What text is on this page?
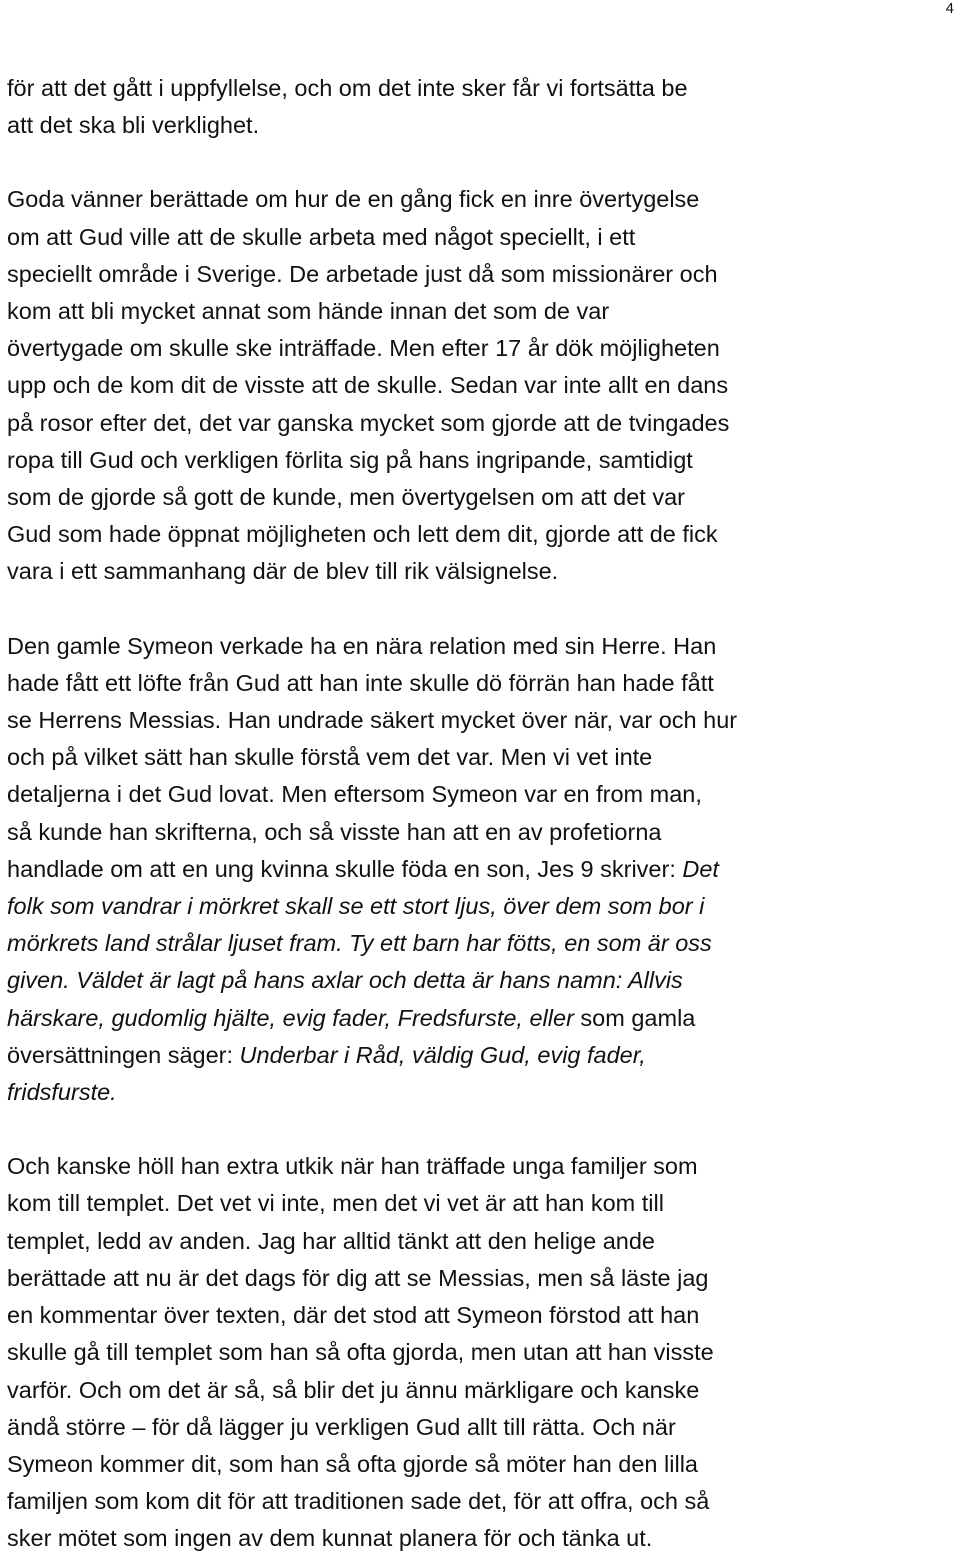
4

för att det gått i uppfyllelse, och om det inte sker får vi fortsätta be
att det ska bli verklighet.

Goda vänner berättade om hur de en gång fick en inre övertygelse
om att Gud ville att de skulle arbeta med något speciellt, i ett
speciellt område i Sverige. De arbetade just då som missionärer och
kom att bli mycket annat som hände innan det som de var
övertygade om skulle ske inträffade. Men efter 17 år dök möjligheten
upp och de kom dit de visste att de skulle. Sedan var inte allt en dans
på rosor efter det, det var ganska mycket som gjorde att de tvingades
ropa till Gud och verkligen förlita sig på hans ingripande, samtidigt
som de gjorde så gott de kunde, men övertygelsen om att det var
Gud som hade öppnat möjligheten och lett dem dit, gjorde att de fick
vara i ett sammanhang där de blev till rik välsignelse.

Den gamle Symeon verkade ha en nära relation med sin Herre. Han
hade fått ett löfte från Gud att han inte skulle dö förrän han hade fått
se Herrens Messias. Han undrade säkert mycket över när, var och hur
och på vilket sätt han skulle förstå vem det var. Men vi vet inte
detaljerna i det Gud lovat. Men eftersom Symeon var en from man,
så kunde han skrifterna, och så visste han att en av profetiorna
handlade om att en ung kvinna skulle föda en son, Jes 9 skriver: Det
folk som vandrar i mörkret skall se ett stort ljus, över dem som bor i
mörkrets land strålar ljuset fram. Ty ett barn har fötts, en som är oss
given. Väldet är lagt på hans axlar och detta är hans namn: Allvis
härskare, gudomlig hjälte, evig fader, Fredsfurste, eller som gamla
översättningen säger: Underbar i Råd, väldig Gud, evig fader,
fridsfurste.

Och kanske höll han extra utkik när han träffade unga familjer som
kom till templet. Det vet vi inte, men det vi vet är att han kom till
templet, ledd av anden. Jag har alltid tänkt att den helige ande
berättade att nu är det dags för dig att se Messias, men så läste jag
en kommentar över texten, där det stod att Symeon förstod att han
skulle gå till templet som han så ofta gjorda, men utan att han visste
varför. Och om det är så, så blir det ju ännu märkligare och kanske
ändå större – för då lägger ju verkligen Gud allt till rätta. Och när
Symeon kommer dit, som han så ofta gjorde så möter han den lilla
familjen som kom dit för att traditionen sade det, för att offra, och så
sker mötet som ingen av dem kunnat planera för och tänka ut.
